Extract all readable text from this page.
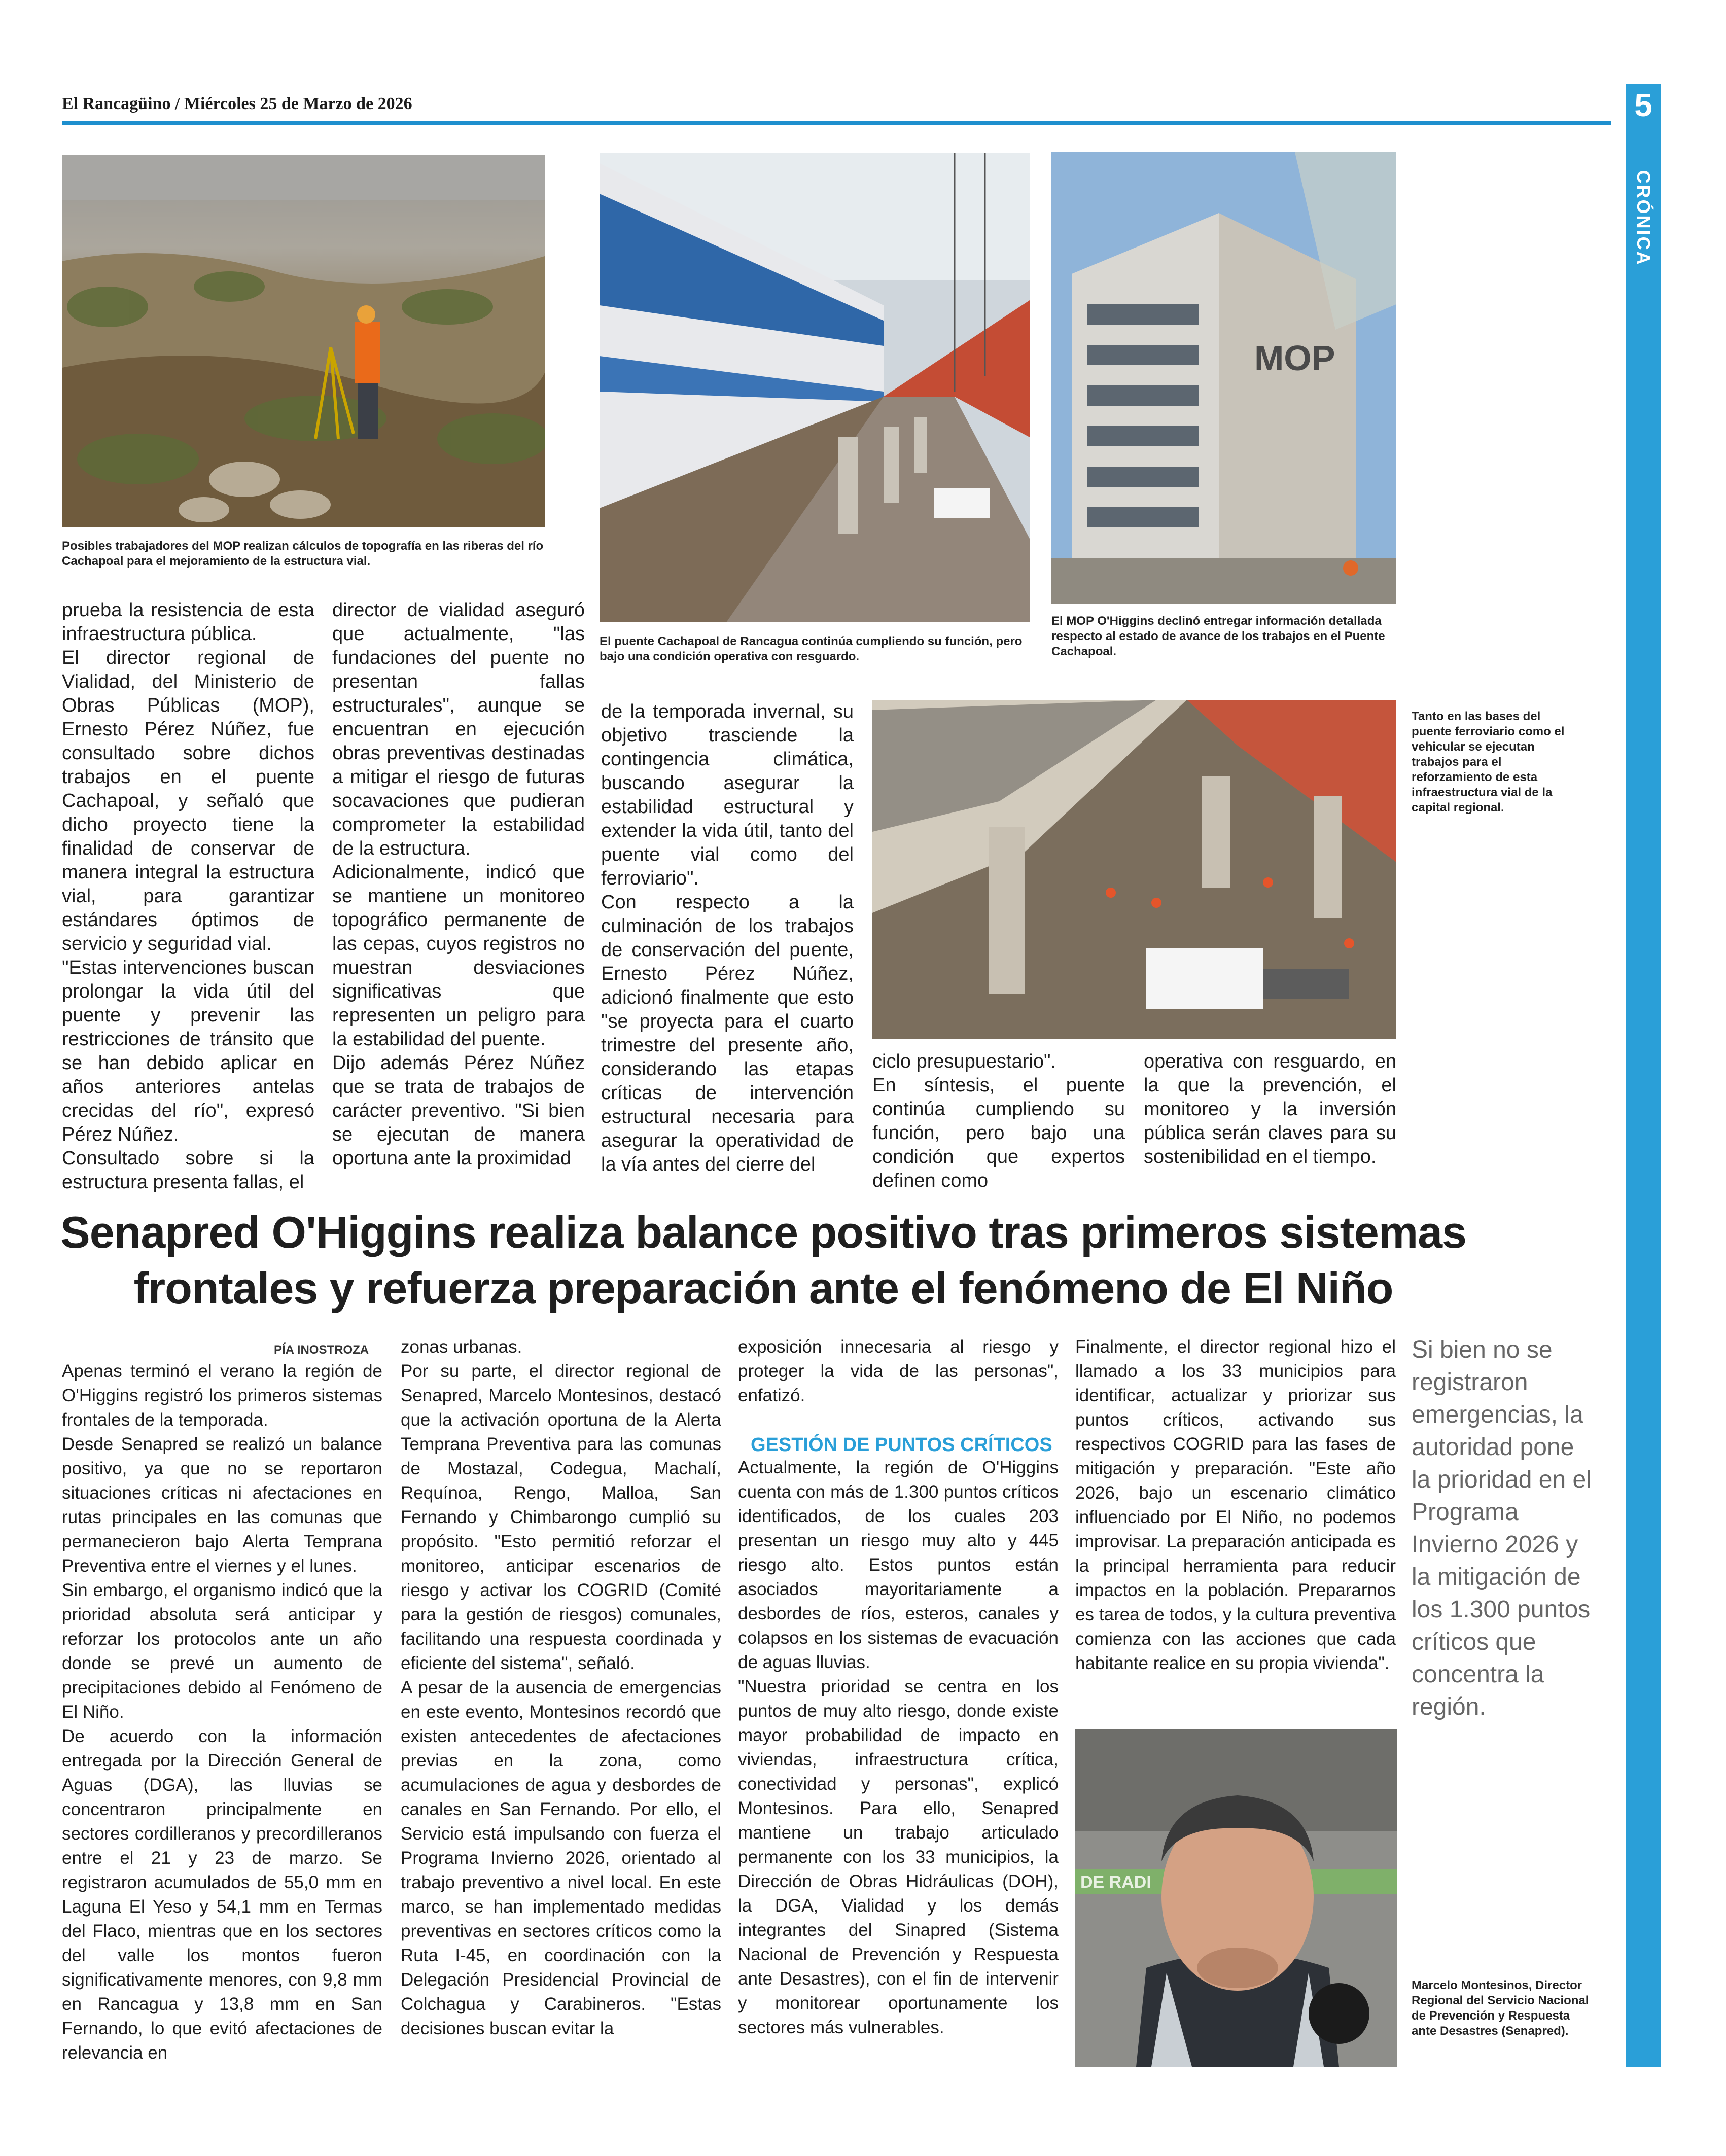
El Rancagüino / Miércoles 25 de Marzo de 2026	5
CRÓNICA
Posibles trabajadores del MOP realizan cálculos de topografía en las riberas del río Cachapoal para el mejoramiento de la estructura vial.
El puente Cachapoal de Rancagua continúa cumpliendo su función, pero bajo una condición operativa con resguardo.
MOP
El MOP O'Higgins declinó entregar información detallada respecto al estado de avance de los trabajos en el Puente Cachapoal.
Tanto en las bases del puente ferroviario como el vehicular se ejecutan trabajos para el reforzamiento de esta infraestructura vial de la capital regional.

prueba la resistencia de esta infraestructura pública.

El director regional de Vialidad, del Ministerio de Obras Públicas (MOP), Ernesto Pérez Núñez, fue consultado sobre dichos trabajos en el puente Cachapoal, y señaló que dicho proyecto tiene la finalidad de conservar de manera integral la estructura vial, para garantizar estándares óptimos de servicio y seguridad vial.

"Estas intervenciones buscan prolongar la vida útil del puente y prevenir las restricciones de tránsito que se han debido aplicar en años anteriores antelas crecidas del río", expresó Pérez Núñez.

Consultado sobre si la estructura presenta fallas, el

director de vialidad aseguró que actualmente, "las fundaciones del puente no presentan fallas estructurales", aunque se encuentran en ejecución obras preventivas destinadas a mitigar el riesgo de futuras socavaciones que pudieran comprometer la estabilidad de la estructura.

Adicionalmente, indicó que se mantiene un monitoreo topográfico permanente de las cepas, cuyos registros no muestran desviaciones significativas que representen un peligro para la estabilidad del puente.

Dijo además Pérez Núñez que se trata de trabajos de carácter preventivo. "Si bien se ejecutan de manera oportuna ante la proximidad

de la temporada invernal, su objetivo trasciende la contingencia climática, buscando asegurar la estabilidad estructural y extender la vida útil, tanto del puente vial como del ferroviario".

Con respecto a la culminación de los trabajos de conservación del puente, Ernesto Pérez Núñez, adicionó finalmente que esto "se proyecta para el cuarto trimestre del presente año, considerando las etapas críticas de intervención estructural necesaria para asegurar la operatividad de la vía antes del cierre del

ciclo presupuestario".

En síntesis, el puente continúa cumpliendo su función, pero bajo una condición que expertos definen como

operativa con resguardo, en la que la prevención, el monitoreo y la inversión pública serán claves para su sostenibilidad en el tiempo.

Senapred O'Higgins realiza balance positivo tras primeros sistemas frontales y refuerza preparación ante el fenómeno de El Niño
PÍA INOSTROZA

Apenas terminó el verano la región de O'Higgins registró los primeros sistemas frontales de la temporada.

Desde Senapred se realizó un balance positivo, ya que no se reportaron situaciones críticas ni afectaciones en rutas principales en las comunas que permanecieron bajo Alerta Temprana Preventiva entre el viernes y el lunes.

Sin embargo, el organismo indicó que la prioridad absoluta será anticipar y reforzar los protocolos ante un año donde se prevé un aumento de precipitaciones debido al Fenómeno de El Niño.

De acuerdo con la información entregada por la Dirección General de Aguas (DGA), las lluvias se concentraron principalmente en sectores cordilleranos y precordilleranos entre el 21 y 23 de marzo. Se registraron acumulados de 55,0 mm en Laguna El Yeso y 54,1 mm en Termas del Flaco, mientras que en los sectores del valle los montos fueron significativamente menores, con 9,8 mm en Rancagua y 13,8 mm en San Fernando, lo que evitó afectaciones de relevancia en

zonas urbanas.

Por su parte, el director regional de Senapred, Marcelo Montesinos, destacó que la activación oportuna de la Alerta Temprana Preventiva para las comunas de Mostazal, Codegua, Machalí, Requínoa, Rengo, Malloa, San Fernando y Chimbarongo cumplió su propósito. "Esto permitió reforzar el monitoreo, anticipar escenarios de riesgo y activar los COGRID (Comité para la gestión de riesgos) comunales, facilitando una respuesta coordinada y eficiente del sistema", señaló.

A pesar de la ausencia de emergencias en este evento, Montesinos recordó que existen antecedentes de afectaciones previas en la zona, como acumulaciones de agua y desbordes de canales en San Fernando. Por ello, el Servicio está impulsando con fuerza el Programa Invierno 2026, orientado al trabajo preventivo a nivel local. En este marco, se han implementado medidas preventivas en sectores críticos como la Ruta I-45, en coordinación con la Delegación Presidencial Provincial de Colchagua y Carabineros. "Estas decisiones buscan evitar la

exposición innecesaria al riesgo y proteger la vida de las personas", enfatizó.

GESTIÓN DE PUNTOS CRÍTICOS

Actualmente, la región de O'Higgins cuenta con más de 1.300 puntos críticos identificados, de los cuales 203 presentan un riesgo muy alto y 445 riesgo alto. Estos puntos están asociados mayoritariamente a desbordes de ríos, esteros, canales y colapsos en los sistemas de evacuación de aguas lluvias.

"Nuestra prioridad se centra en los puntos de muy alto riesgo, donde existe mayor probabilidad de impacto en viviendas, infraestructura crítica, conectividad y personas", explicó Montesinos. Para ello, Senapred mantiene un trabajo articulado permanente con los 33 municipios, la Dirección de Obras Hidráulicas (DOH), la DGA, Vialidad y los demás integrantes del Sinapred (Sistema Nacional de Prevención y Respuesta ante Desastres), con el fin de intervenir y monitorear oportunamente los sectores más vulnerables.

Finalmente, el director regional hizo el llamado a los 33 municipios para identificar, actualizar y priorizar sus puntos críticos, activando sus respectivos COGRID para las fases de mitigación y preparación. "Este año 2026, bajo un escenario climático influenciado por El Niño, no podemos improvisar. La preparación anticipada es la principal herramienta para reducir impactos en la población. Prepararnos es tarea de todos, y la cultura preventiva comienza con las acciones que cada habitante realice en su propia vivienda".

Si bien no se registraron emergencias, la autoridad pone la prioridad en el Programa Invierno 2026 y la mitigación de los 1.300 puntos críticos que concentra la región.
DE RADI
Marcelo Montesinos, Director Regional del Servicio Nacional de Prevención y Respuesta ante Desastres (Senapred).
